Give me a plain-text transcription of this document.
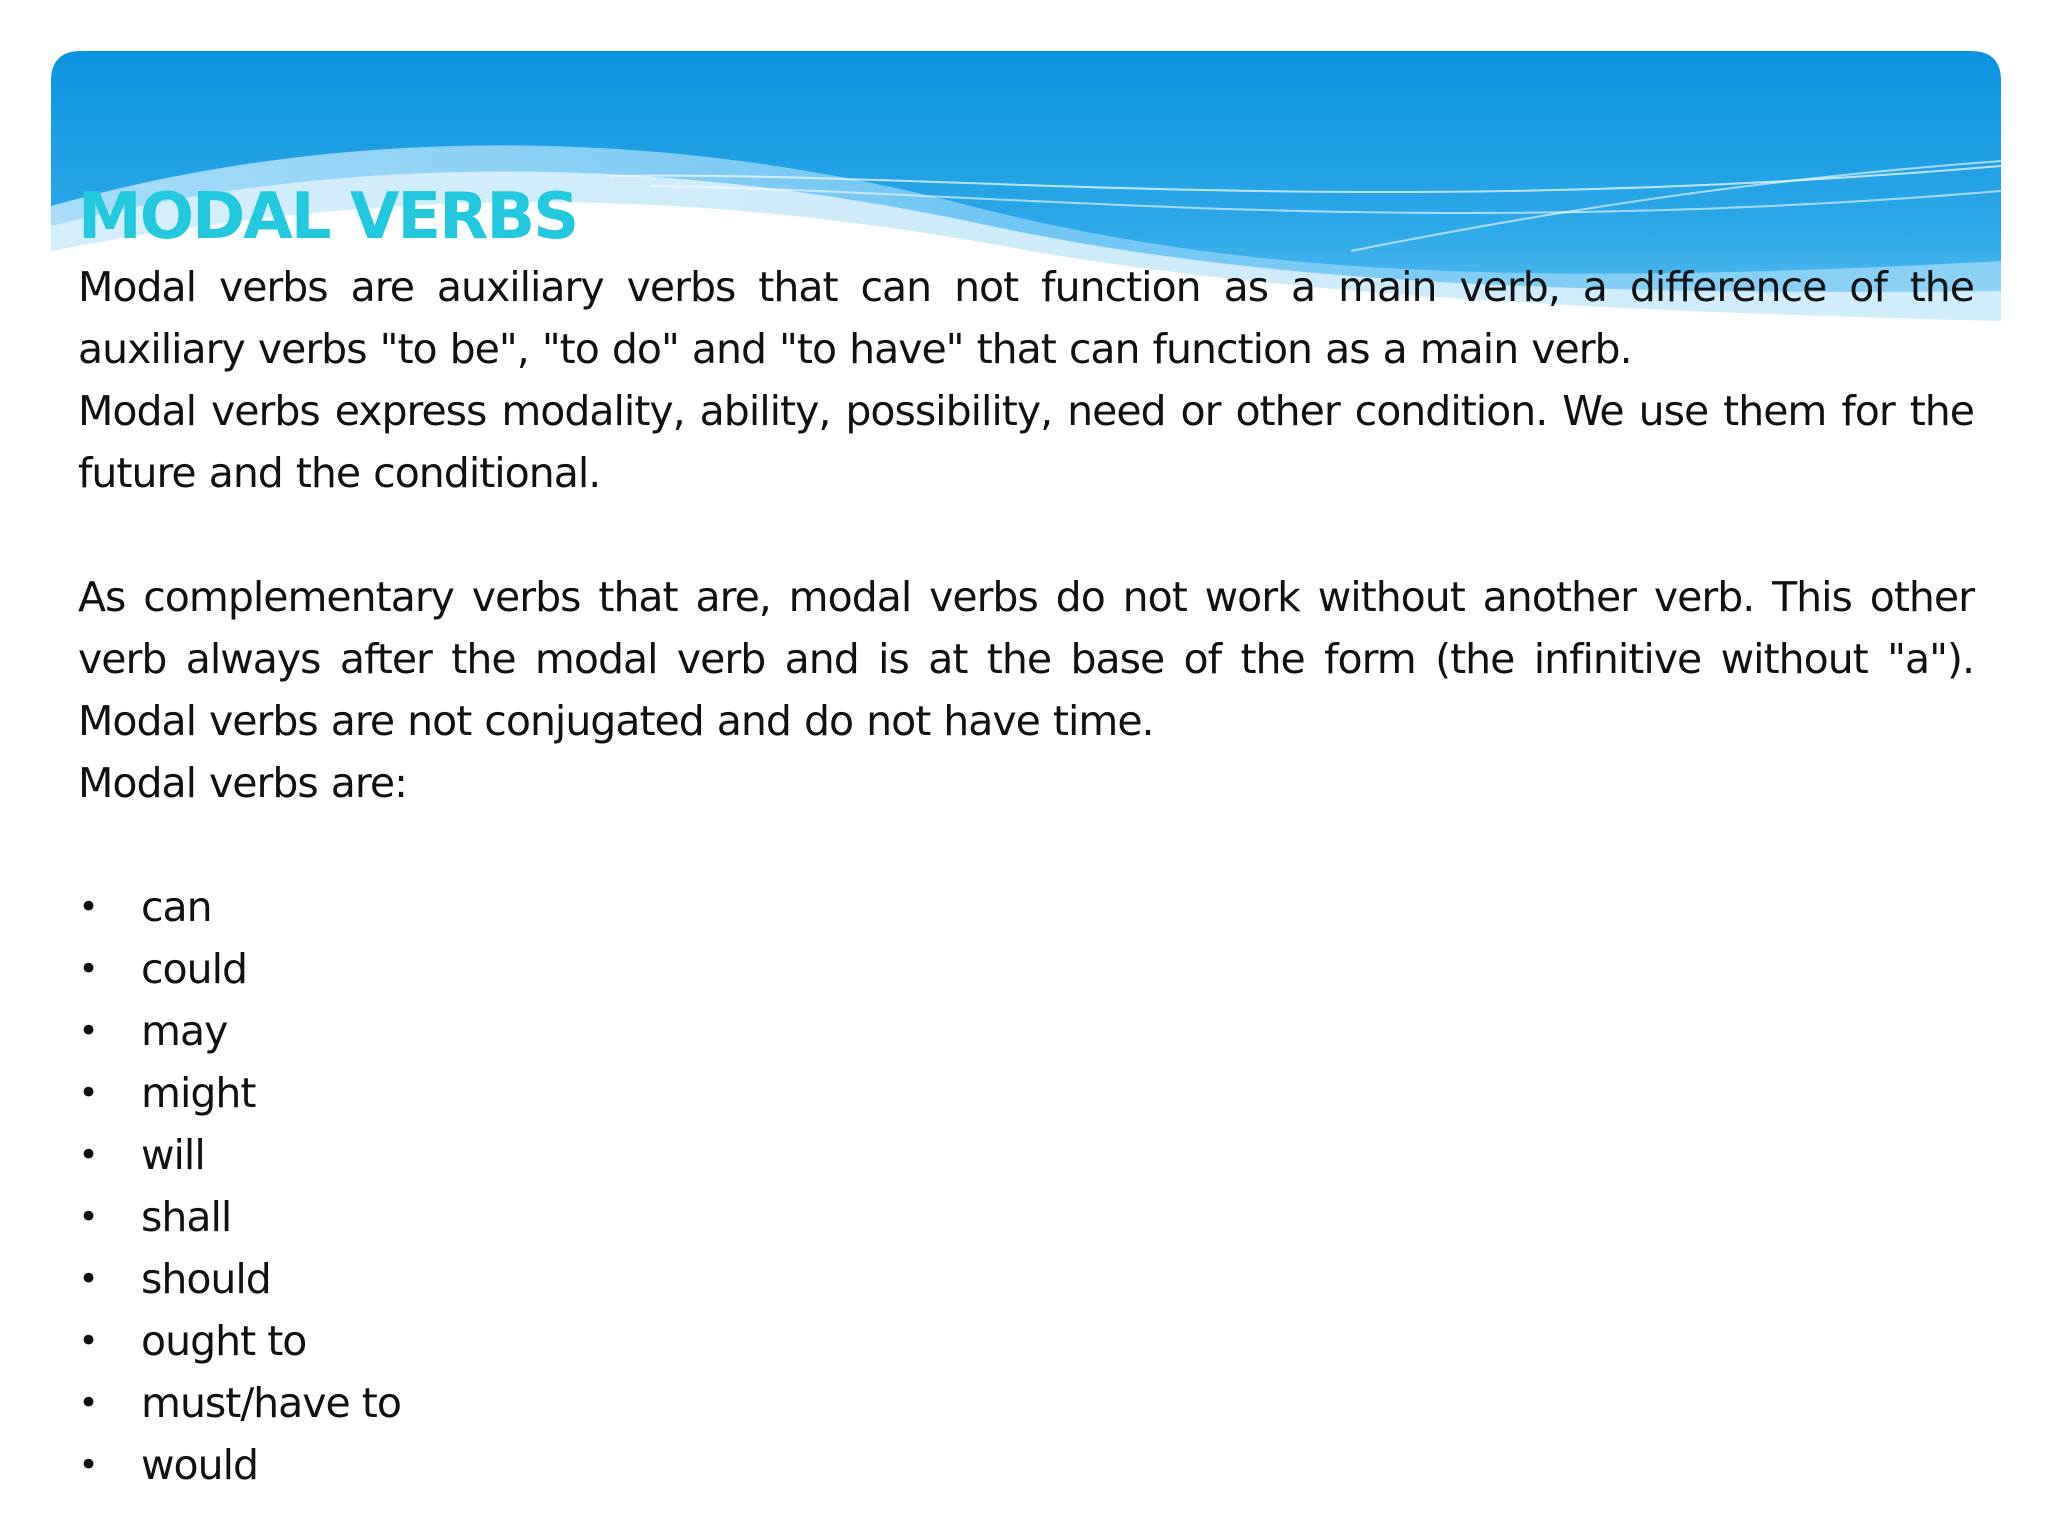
MODAL VERBS

Modal verbs are auxiliary verbs that can not function as a main verb, a difference of the auxiliary verbs "to be", "to do" and "to have" that can function as a main verb.

Modal verbs express modality, ability, possibility, need or other condition. We use them for the future and the conditional.

As complementary verbs that are, modal verbs do not work without another verb. This other verb always after the modal verb and is at the base of the form (the infinitive without "a"). Modal verbs are not conjugated and do not have time.

Modal verbs are:

• can
• could
• may
• might
• will
• shall
• should
• ought to
• must/have to
• would
